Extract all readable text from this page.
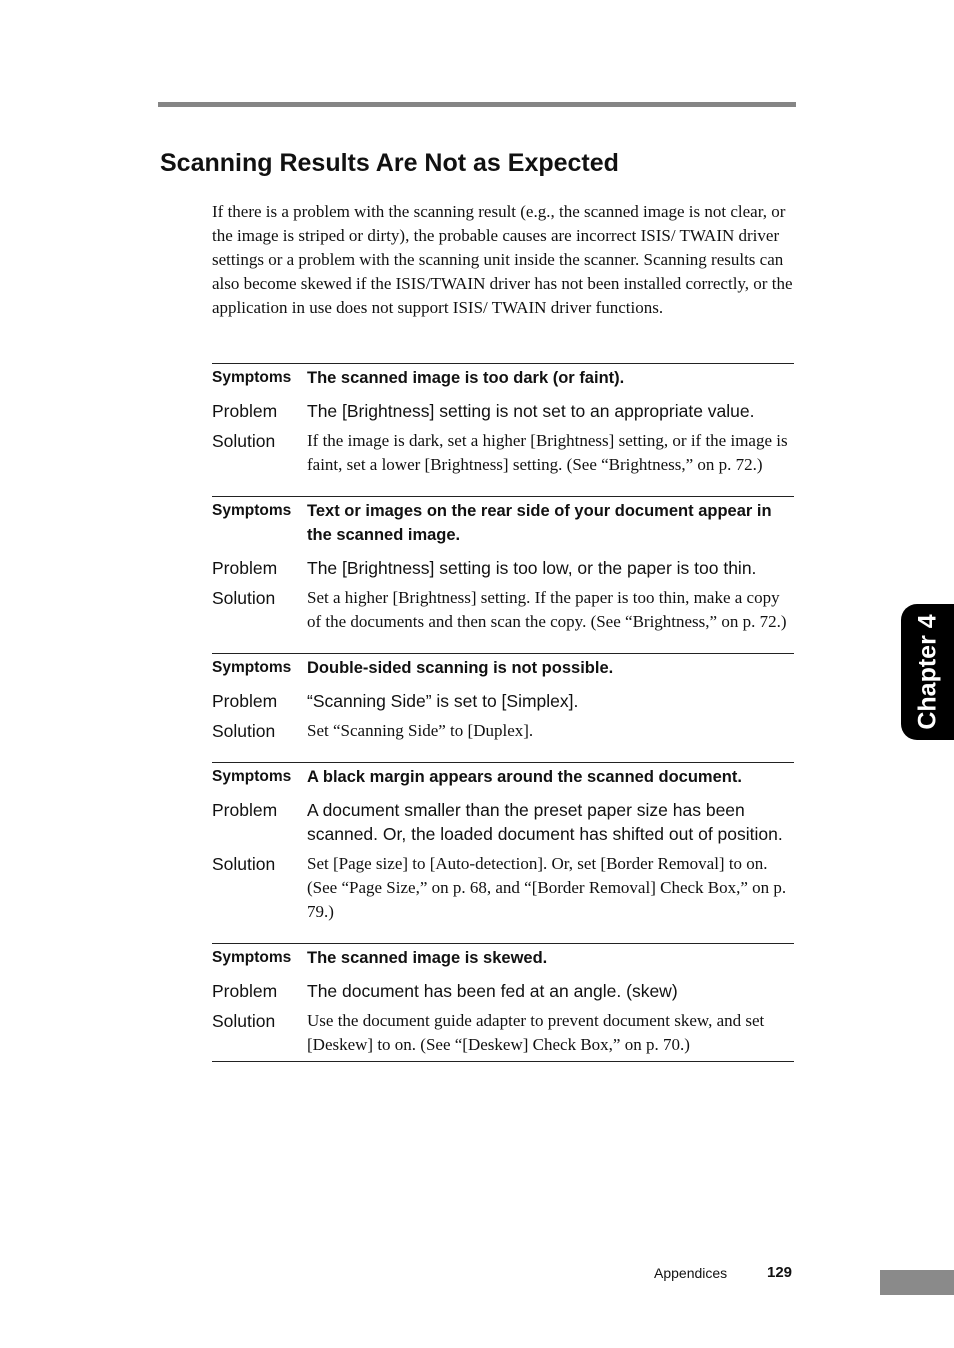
Scanning Results Are Not as Expected

If there is a problem with the scanning result (e.g., the scanned image is not clear, or the image is striped or dirty), the probable causes are incorrect ISIS/ TWAIN driver settings or a problem with the scanning unit inside the scanner. Scanning results can also become skewed if the ISIS/TWAIN driver has not been installed correctly, or the application in use does not support ISIS/ TWAIN driver functions.

Symptoms The scanned image is too dark (or faint).
Problem	The [Brightness] setting is not set to an appropriate value.
Solution	If the image is dark, set a higher [Brightness] setting, or if the image is faint, set a lower [Brightness] setting. (See “Brightness,” on p. 72.)
Symptoms Text or images on the rear side of your document appear in the scanned image.
Problem	The [Brightness] setting is too low, or the paper is too thin.
Solution	Set a higher [Brightness] setting. If the paper is too thin, make a copy of the documents and then scan the copy. (See “Brightness,” on p. 72.)
Symptoms Double-sided scanning is not possible.
Problem	“Scanning Side” is set to [Simplex].
Solution	Set “Scanning Side” to [Duplex].
Symptoms A black margin appears around the scanned document.
Problem	A document smaller than the preset paper size has been scanned. Or, the loaded document has shifted out of position.
Solution	Set [Page size] to [Auto-detection]. Or, set [Border Removal] to on. (See “Page Size,” on p. 68, and “[Border Removal] Check Box,” on p. 79.)
Symptoms The scanned image is skewed.
Problem	The document has been fed at an angle. (skew)
Solution	Use the document guide adapter to prevent document skew, and set [Deskew] to on. (See “[Deskew] Check Box,” on p. 70.)
Chapter 4
Appendices	129
